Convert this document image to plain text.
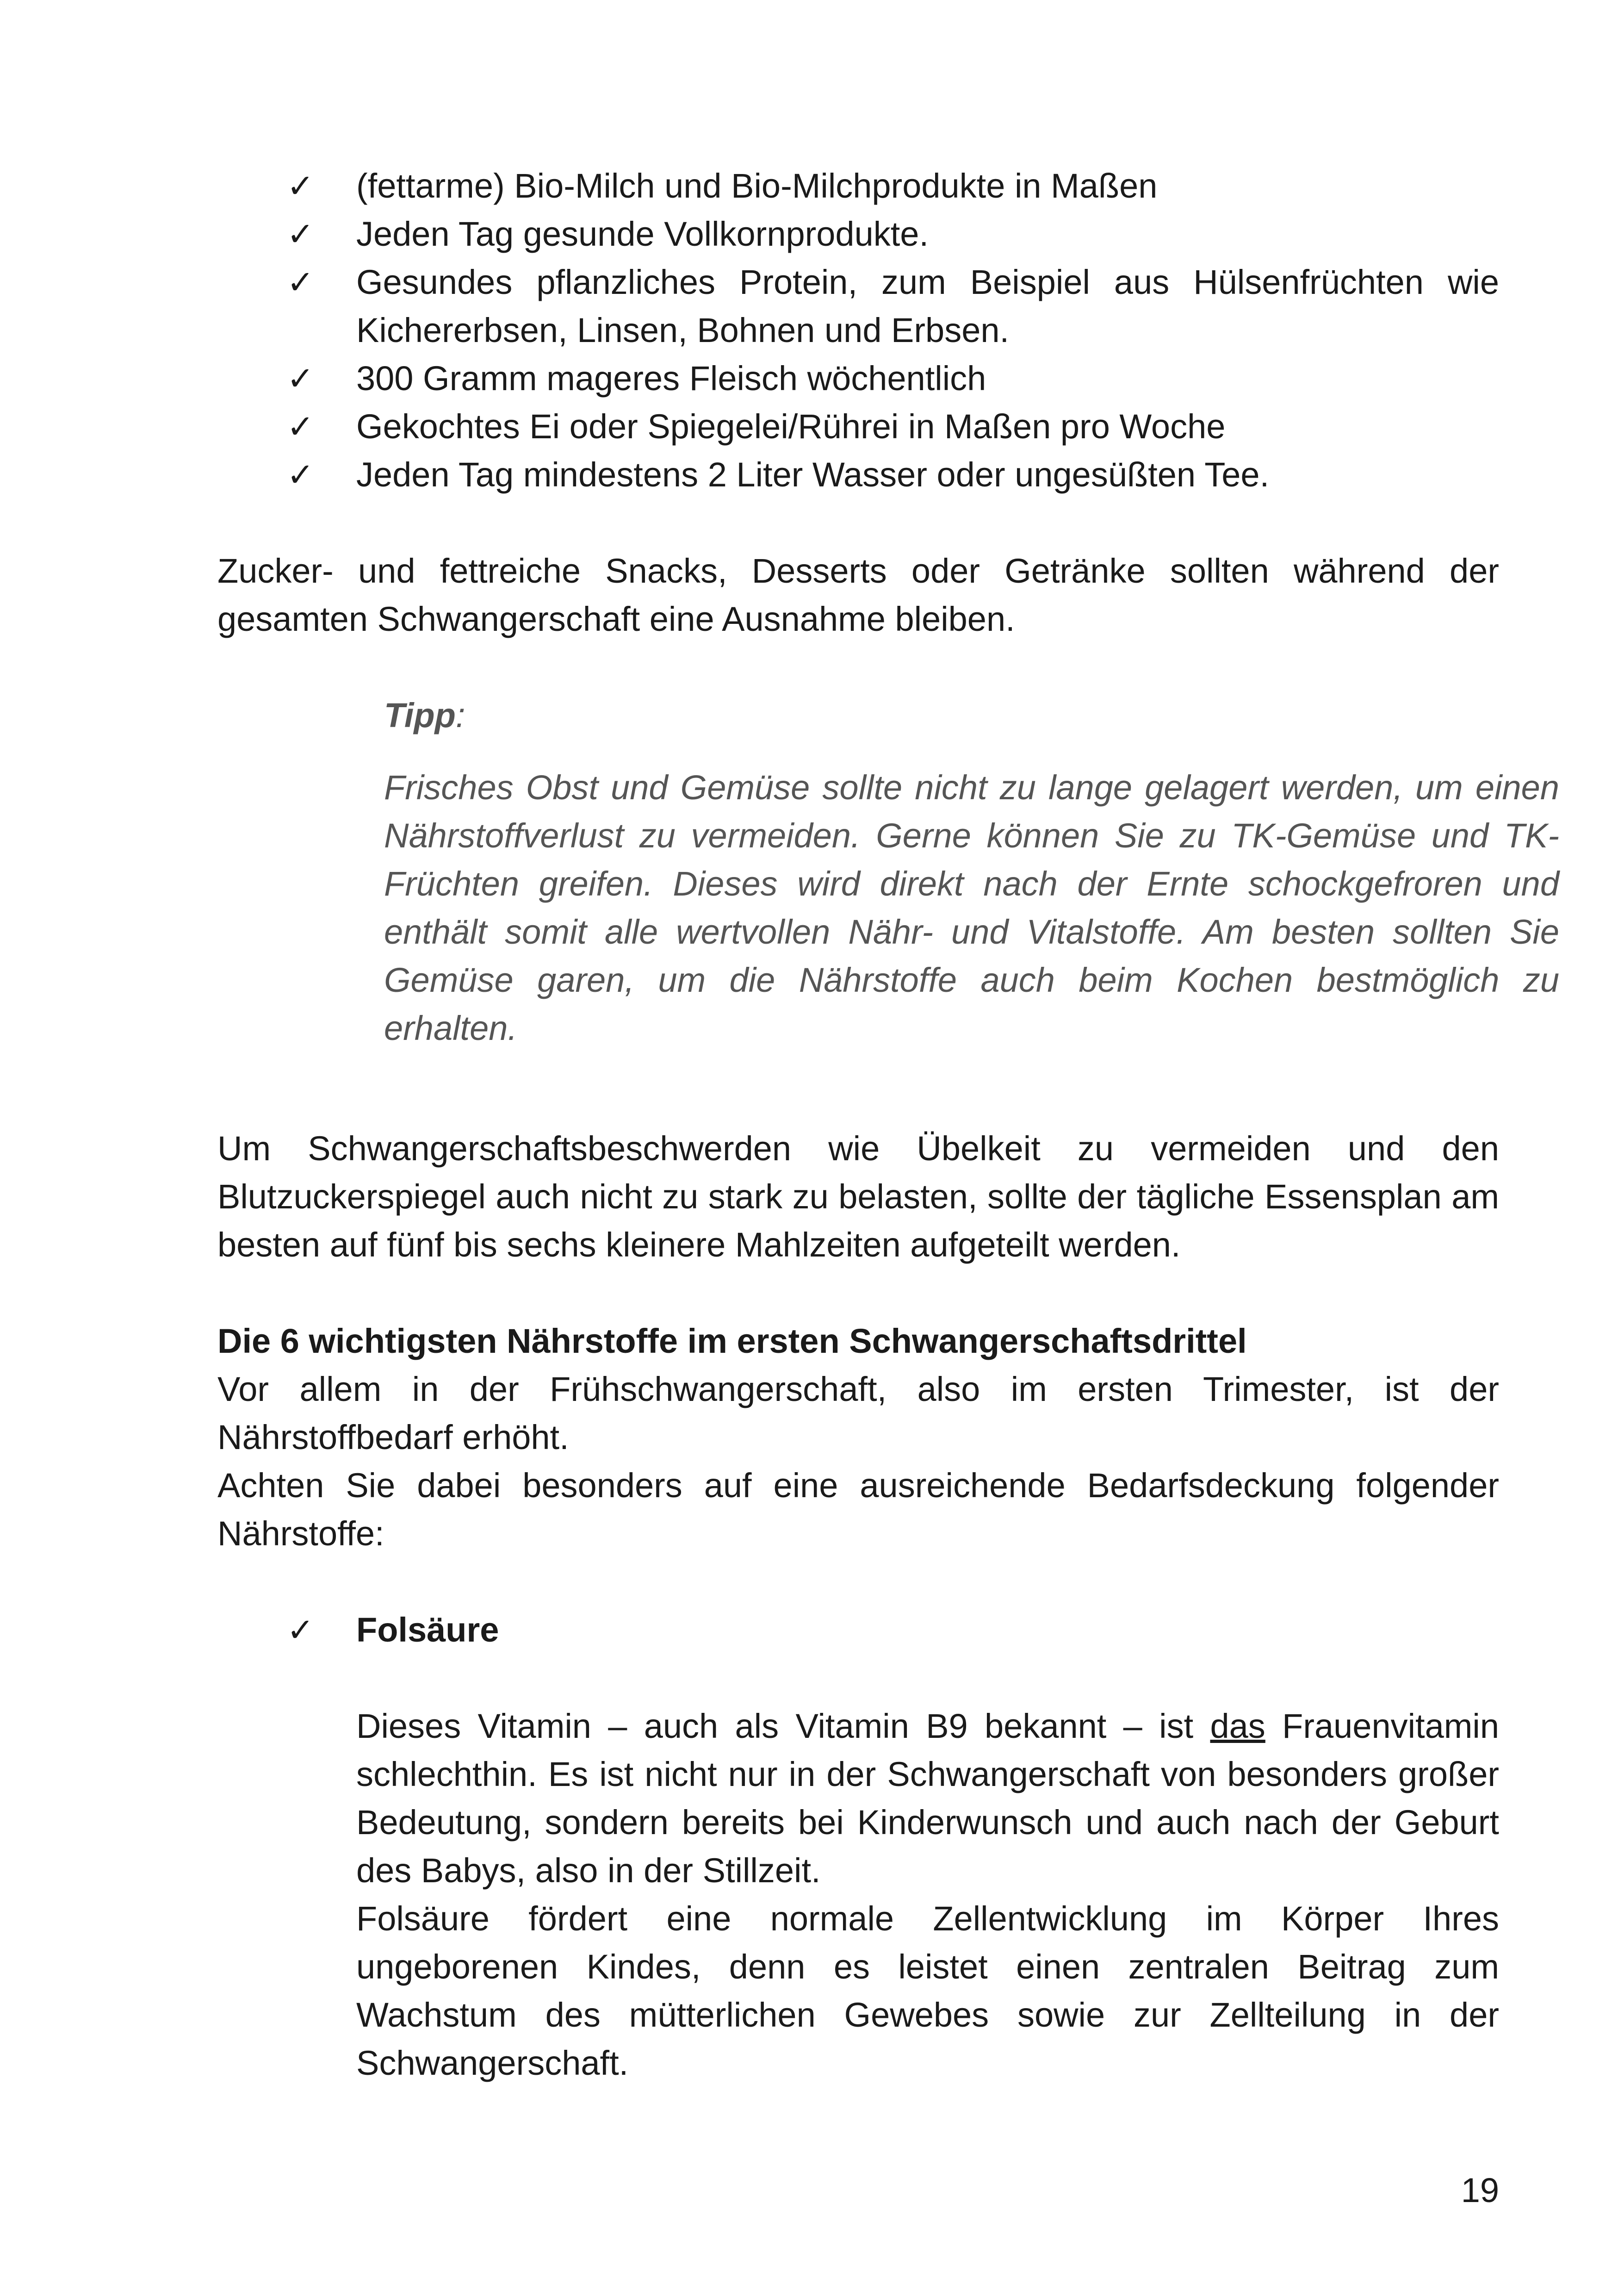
✓ (fettarme) Bio-Milch und Bio-Milchprodukte in Maßen
✓ Jeden Tag gesunde Vollkornprodukte.
✓ Gesundes pflanzliches Protein, zum Beispiel aus Hülsenfrüchten wie Kichererbsen, Linsen, Bohnen und Erbsen.
✓ 300 Gramm mageres Fleisch wöchentlich
✓ Gekochtes Ei oder Spiegelei/Rührei in Maßen pro Woche
✓ Jeden Tag mindestens 2 Liter Wasser oder ungesüßten Tee.

Zucker- und fettreiche Snacks, Desserts oder Getränke sollten während der gesamten Schwangerschaft eine Ausnahme bleiben.

Tipp:

Frisches Obst und Gemüse sollte nicht zu lange gelagert werden, um einen Nährstoffverlust zu vermeiden. Gerne können Sie zu TK-Gemüse und TK-Früchten greifen. Dieses wird direkt nach der Ernte schockgefroren und enthält somit alle wertvollen Nähr- und Vitalstoffe. Am besten sollten Sie Gemüse garen, um die Nährstoffe auch beim Kochen bestmöglich zu erhalten.

Um Schwangerschaftsbeschwerden wie Übelkeit zu vermeiden und den Blutzuckerspiegel auch nicht zu stark zu belasten, sollte der tägliche Essensplan am besten auf fünf bis sechs kleinere Mahlzeiten aufgeteilt werden.

Die 6 wichtigsten Nährstoffe im ersten Schwangerschaftsdrittel

Vor allem in der Frühschwangerschaft, also im ersten Trimester, ist der Nährstoffbedarf erhöht.

Achten Sie dabei besonders auf eine ausreichende Bedarfsdeckung folgender Nährstoffe:

✓ Folsäure

Dieses Vitamin – auch als Vitamin B9 bekannt – ist das Frauenvitamin schlechthin. Es ist nicht nur in der Schwangerschaft von besonders großer Bedeutung, sondern bereits bei Kinderwunsch und auch nach der Geburt des Babys, also in der Stillzeit.

Folsäure fördert eine normale Zellentwicklung im Körper Ihres ungeborenen Kindes, denn es leistet einen zentralen Beitrag zum Wachstum des mütterlichen Gewebes sowie zur Zellteilung in der Schwangerschaft.

19
